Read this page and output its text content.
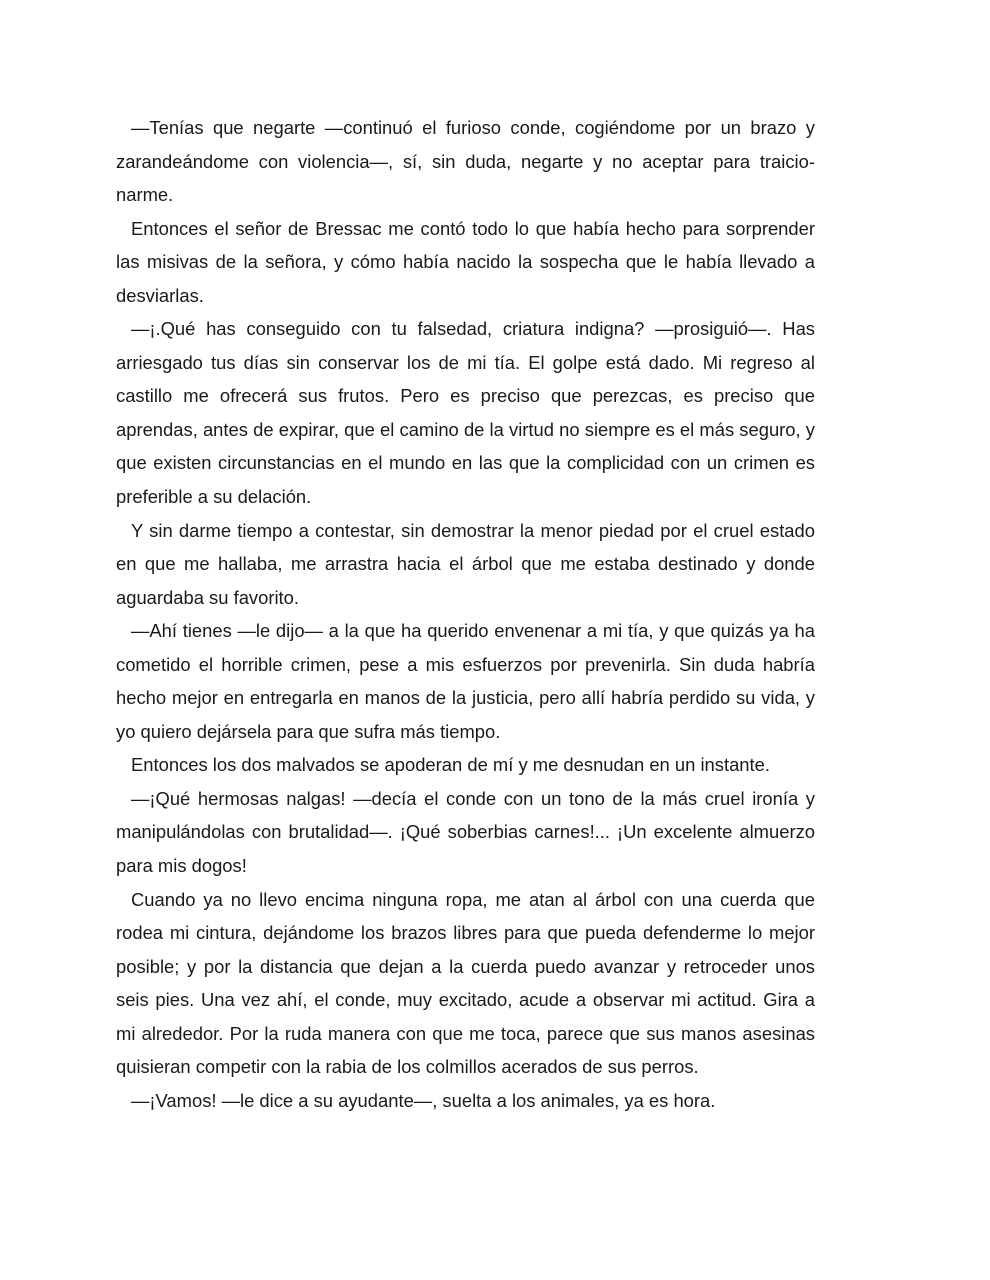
—Tenías que negarte —continuó el furioso conde, cogiéndome por un brazo y zarandeándome con violencia—, sí, sin duda, negarte y no aceptar para traicionarme.

Entonces el señor de Bressac me contó todo lo que había hecho para sorprender las misivas de la señora, y cómo había nacido la sospecha que le había llevado a desviarlas.

—¡.Qué has conseguido con tu falsedad, criatura indigna? —prosiguió—. Has arriesgado tus días sin conservar los de mi tía. El golpe está dado. Mi regreso al castillo me ofrecerá sus frutos. Pero es preciso que perezcas, es preciso que aprendas, antes de expirar, que el camino de la virtud no siempre es el más seguro, y que existen circunstancias en el mundo en las que la complicidad con un crimen es preferible a su delación.

Y sin darme tiempo a contestar, sin demostrar la menor piedad por el cruel estado en que me hallaba, me arrastra hacia el árbol que me estaba destinado y donde aguardaba su favorito.

—Ahí tienes —le dijo— a la que ha querido envenenar a mi tía, y que quizás ya ha cometido el horrible crimen, pese a mis esfuerzos por prevenirla. Sin duda habría hecho mejor en entregarla en manos de la justicia, pero allí habría perdido su vida, y yo quiero dejársela para que sufra más tiempo.

Entonces los dos malvados se apoderan de mí y me desnudan en un instante.

—¡Qué hermosas nalgas! —decía el conde con un tono de la más cruel ironía y manipulándolas con brutalidad—. ¡Qué soberbias carnes!... ¡Un excelente almuerzo para mis dogos!

Cuando ya no llevo encima ninguna ropa, me atan al árbol con una cuerda que rodea mi cintura, dejándome los brazos libres para que pueda defenderme lo mejor posible; y por la distancia que dejan a la cuerda puedo avanzar y retroceder unos seis pies. Una vez ahí, el conde, muy excitado, acude a observar mi actitud. Gira a mi alrededor. Por la ruda manera con que me toca, parece que sus manos asesinas quisieran competir con la rabia de los colmillos acerados de sus perros.

—¡Vamos! —le dice a su ayudante—, suelta a los animales, ya es hora.
